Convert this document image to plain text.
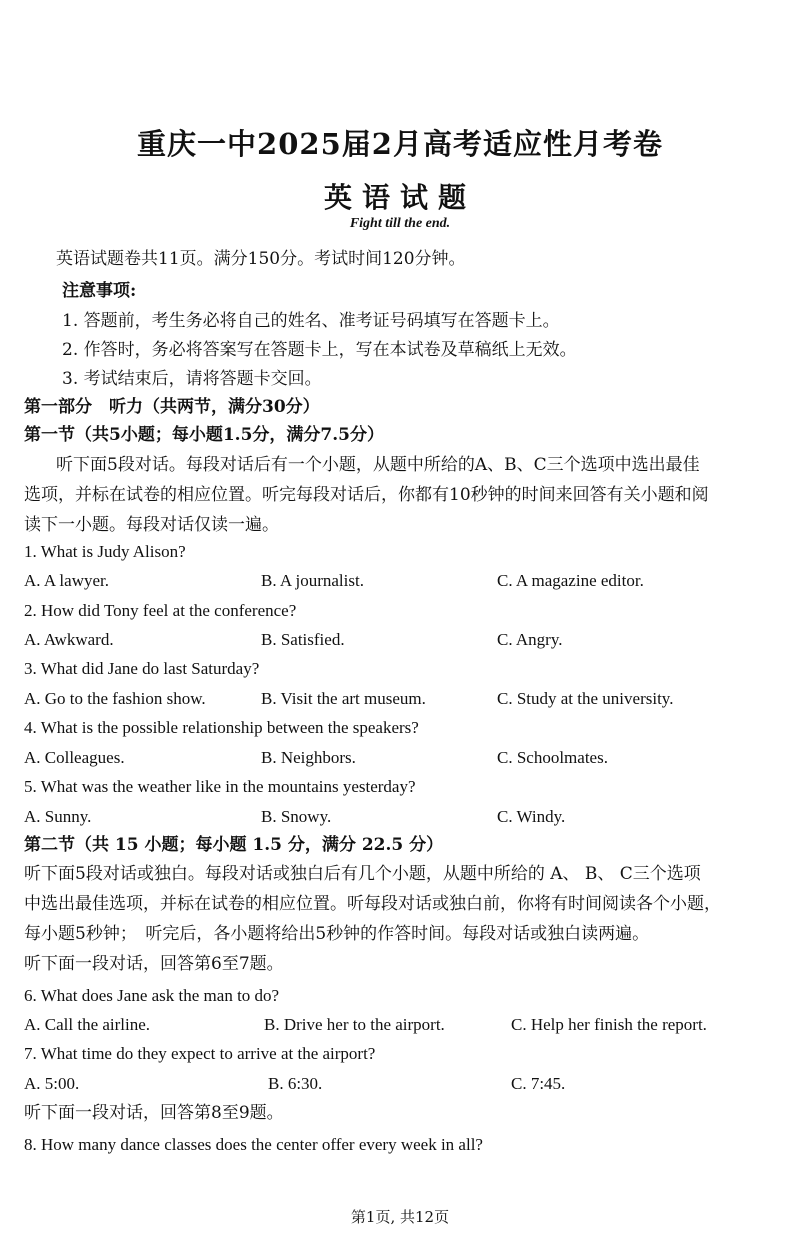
重庆一中2025届2月高考适应性月考卷
英语试题
Fight till the end.
英语试题卷共11页。满分150分。考试时间120分钟。
注意事项:
1. 答题前，考生务必将自己的姓名、准考证号码填写在答题卡上。
2. 作答时，务必将答案写在答题卡上，写在本试卷及草稿纸上无效。
3. 考试结束后，请将答题卡交回。
第一部分　听力（共两节，满分30分）
第一节（共5小题；每小题1.5分，满分7.5分）
听下面5段对话。每段对话后有一个小题，从题中所给的A、B、C三个选项中选出最佳
选项，并标在试卷的相应位置。听完每段对话后，你都有10秒钟的时间来回答有关小题和阅
读下一小题。每段对话仅读一遍。
1. What is Judy Alison?
A. A lawyer.	B. A journalist.	C. A magazine editor.
2. How did Tony feel at the conference?
A. Awkward.	B. Satisfied.	C. Angry.
3. What did Jane do last Saturday?
A. Go to the fashion show.	B. Visit the art museum.	C. Study at the university.
4. What is the possible relationship between the speakers?
A. Colleagues.	B. Neighbors.	C. Schoolmates.
5. What was the weather like in the mountains yesterday?
A. Sunny.	B. Snowy.	C. Windy.
第二节（共 15 小题；每小题 1.5 分，满分 22.5 分）
听下面5段对话或独白。每段对话或独白后有几个小题，从题中所给的 A、 B、 C三个选项
中选出最佳选项，并标在试卷的相应位置。听每段对话或独白前，你将有时间阅读各个小题，
每小题5秒钟；　听完后，各小题将给出5秒钟的作答时间。每段对话或独白读两遍。
听下面一段对话，回答第6至7题。
6. What does Jane ask the man to do?
A. Call the airline.	B. Drive her to the airport.	C. Help her finish the report.
7. What time do they expect to arrive at the airport?
A. 5:00.	B. 6:30.	C. 7:45.
听下面一段对话，回答第8至9题。
8. How many dance classes does the center offer every week in all?
第1页, 共12页
